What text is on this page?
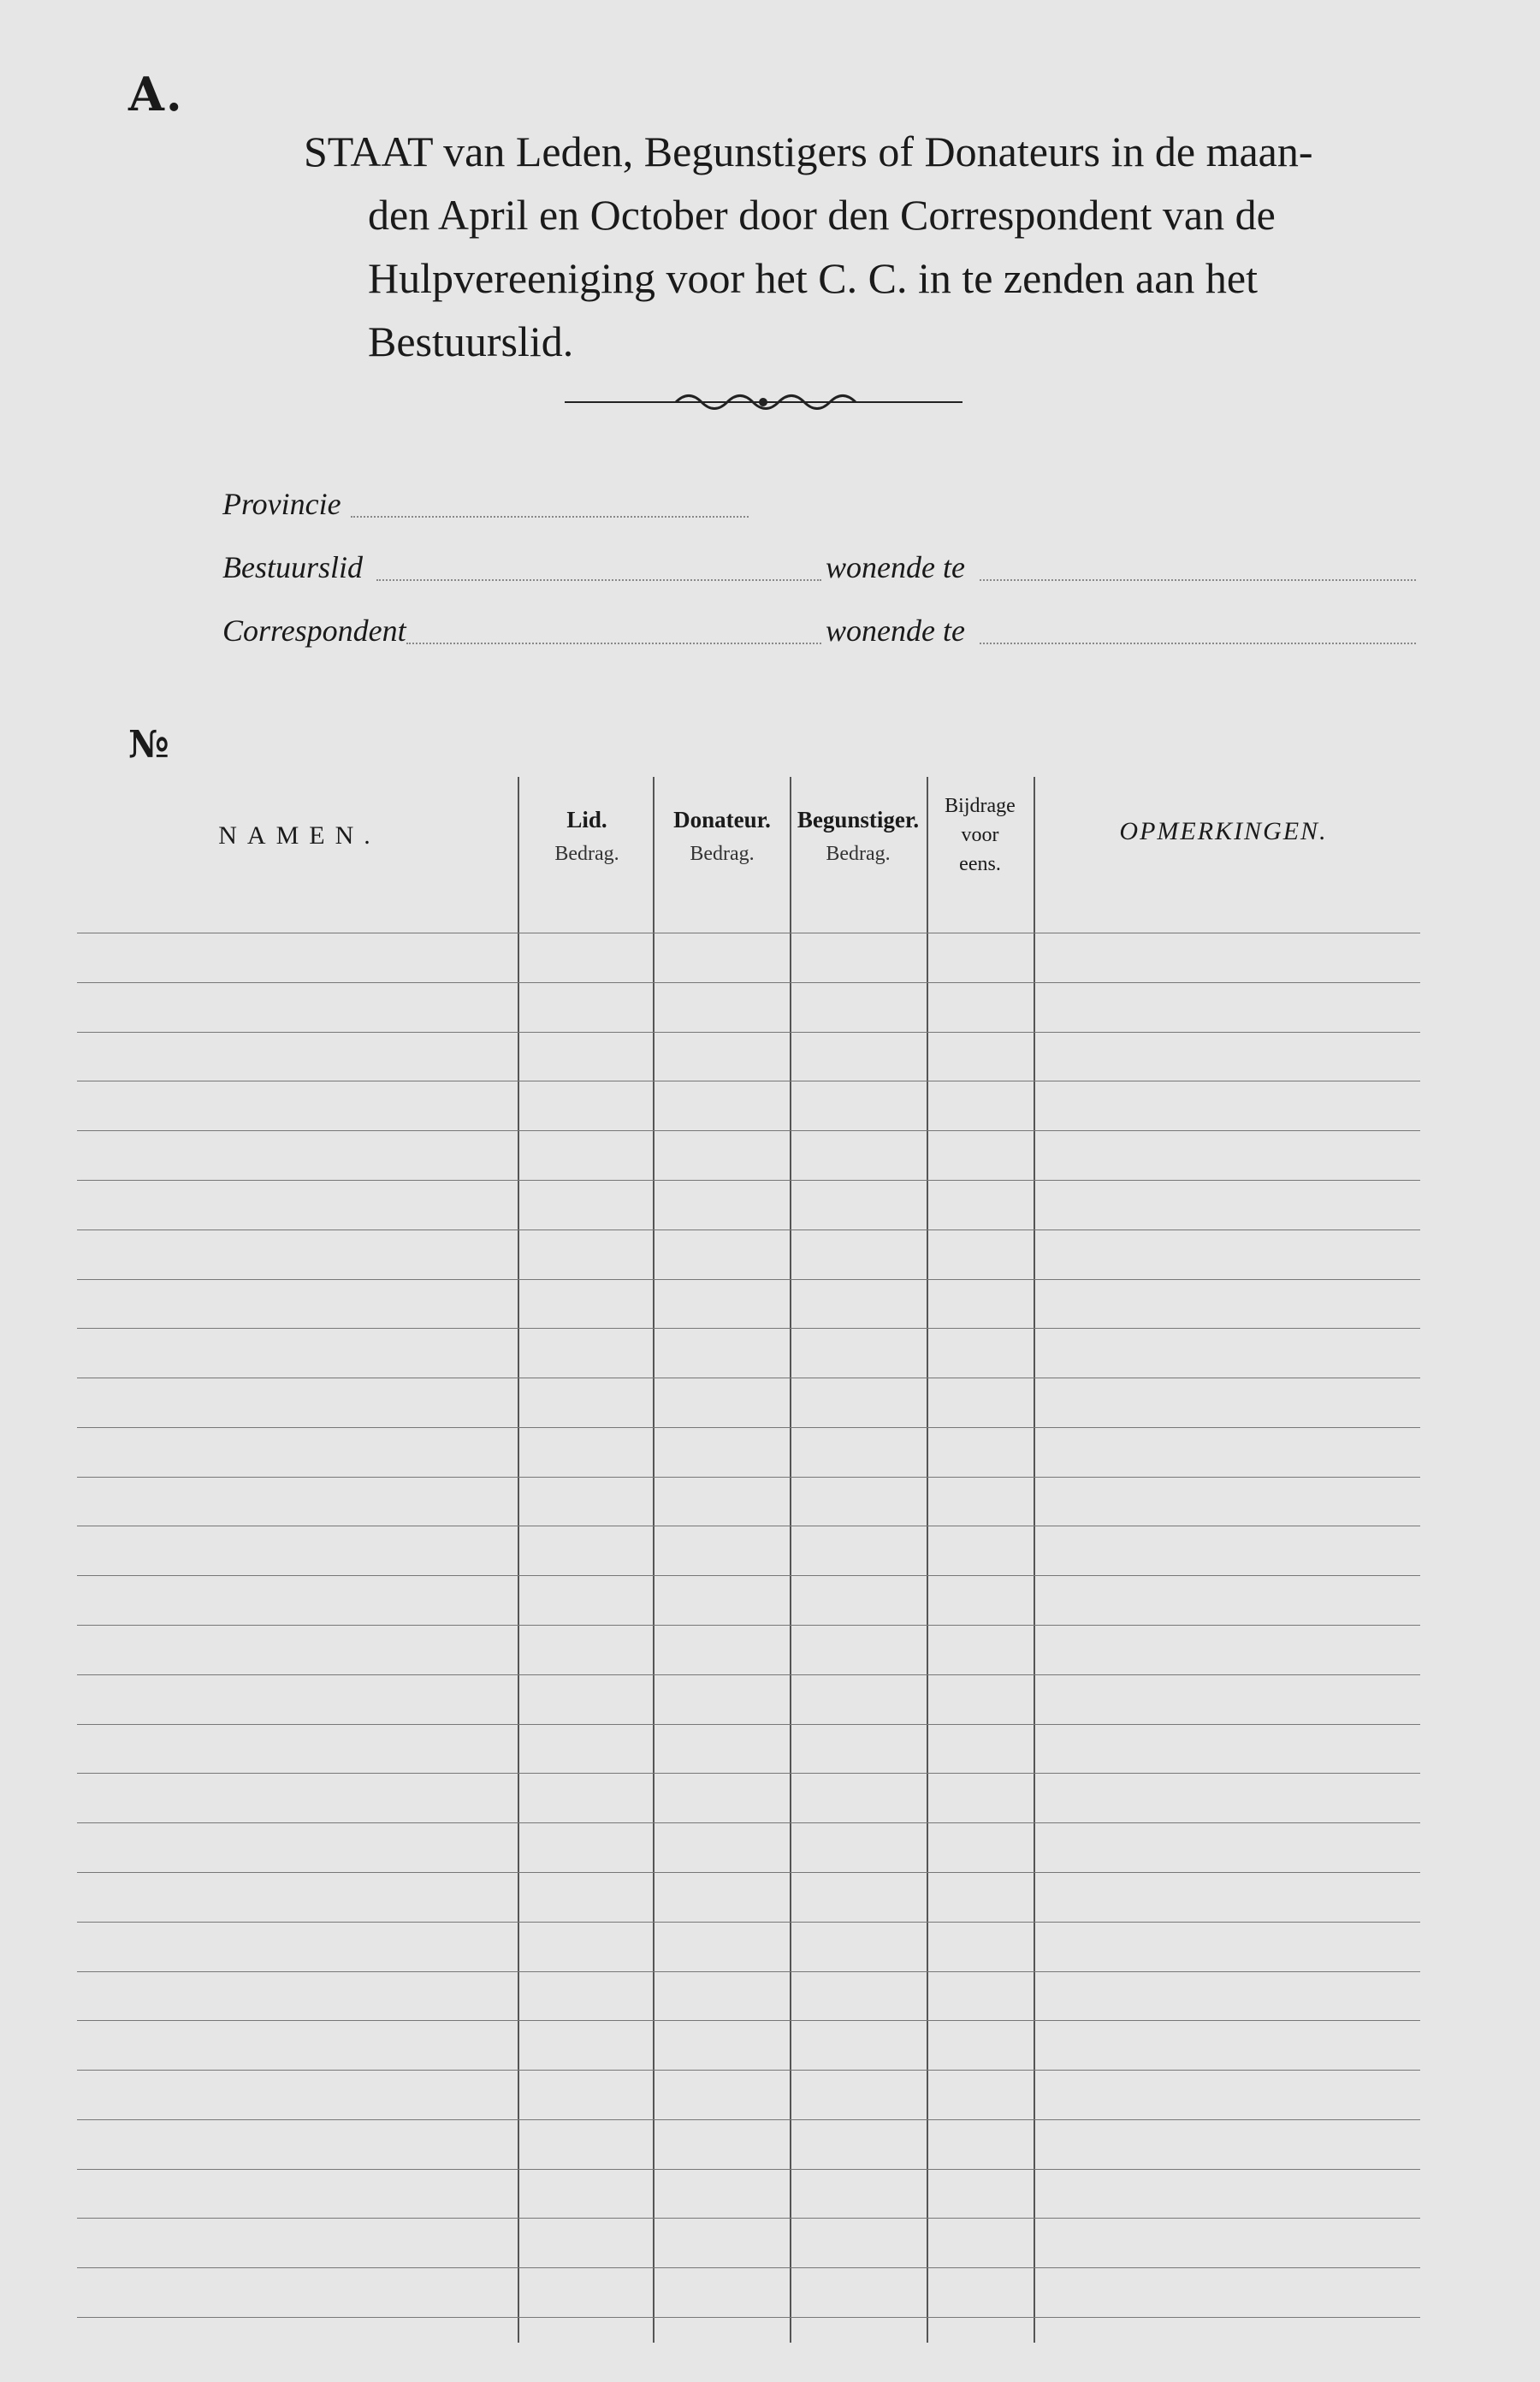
A.
STAAT van Leden, Begunstigers of Donateurs in de maan-
den April en October door den Correspondent van de
Hulpvereeniging voor het C. C. in te zenden aan het
Bestuurslid.
Provincie
Bestuurslid	wonende te
Correspondent	wonende te
№
NAMEN.
Lid.
Bedrag.
Donateur.
Bedrag.
Begunstiger.
Bedrag.
Bijdrage
voor
eens.
OPMERKINGEN.
